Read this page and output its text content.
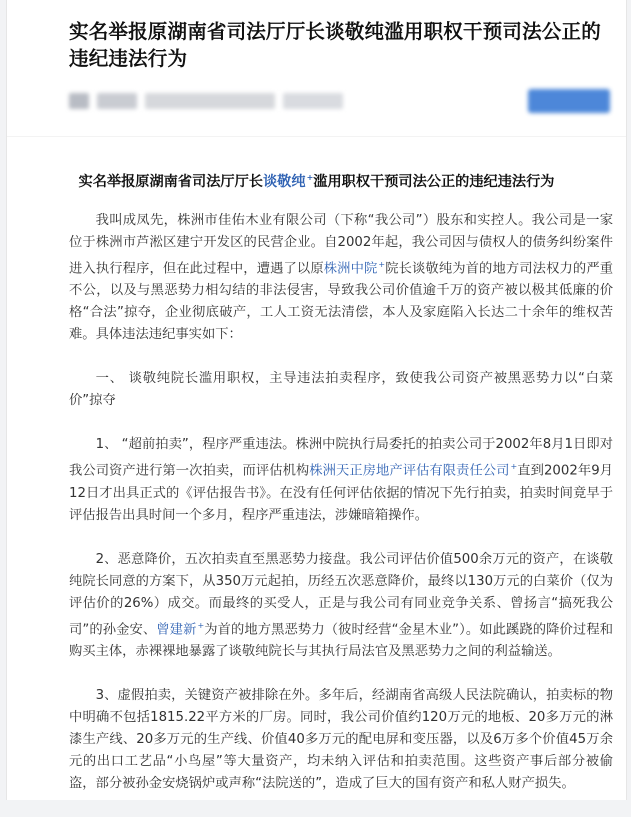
实名举报原湖南省司法厅厅长谈敬纯滥用职权干预司法公正的违纪违法行为
实名举报原湖南省司法厅厅长谈敬纯+滥用职权干预司法公正的违纪违法行为

我叫成凤先，株洲市佳佑木业有限公司（下称“我公司”）股东和实控人。我公司是一家位于株洲市芦淞区建宁开发区的民营企业。自2002年起，我公司因与债权人的债务纠纷案件进入执行程序，但在此过程中，遭遇了以原株洲中院+院长谈敬纯为首的地方司法权力的严重不公，以及与黑恶势力相勾结的非法侵害，导致我公司价值逾千万的资产被以极其低廉的价格“合法”掠夺，企业彻底破产，工人工资无法清偿，本人及家庭陷入长达二十余年的维权苦难。具体违法违纪事实如下：

一、 谈敬纯院长滥用职权，主导违法拍卖程序，致使我公司资产被黑恶势力以“白菜价”掠夺

1、 “超前拍卖”，程序严重违法。株洲中院执行局委托的拍卖公司于2002年8月1日即对我公司资产进行第一次拍卖，而评估机构株洲天正房地产评估有限责任公司+直到2002年9月12日才出具正式的《评估报告书》。在没有任何评估依据的情况下先行拍卖，拍卖时间竟早于评估报告出具时间一个多月，程序严重违法，涉嫌暗箱操作。

2、恶意降价，五次拍卖直至黑恶势力接盘。我公司评估价值500余万元的资产，在谈敬纯院长同意的方案下，从350万元起拍，历经五次恶意降价，最终以130万元的白菜价（仅为评估价的26%）成交。而最终的买受人，正是与我公司有同业竞争关系、曾扬言“搞死我公司”的孙金安、曾建新+为首的地方黑恶势力（彼时经营“金星木业”）。如此蹊跷的降价过程和购买主体，赤裸裸地暴露了谈敬纯院长与其执行局法官及黑恶势力之间的利益输送。

3、虚假拍卖，关键资产被排除在外。多年后，经湖南省高级人民法院确认，拍卖标的物中明确不包括1815.22平方米的厂房。同时，我公司价值约120万元的地板、20多万元的淋漆生产线、20多万元的生产线、价值40多万元的配电屏和变压器，以及6万多个价值45万余元的出口工艺品“小鸟屋”等大量资产，均未纳入评估和拍卖范围。这些资产事后部分被偷盗，部分被孙金安烧锅炉或声称“法院送的”，造成了巨大的国有资产和私人财产损失。
